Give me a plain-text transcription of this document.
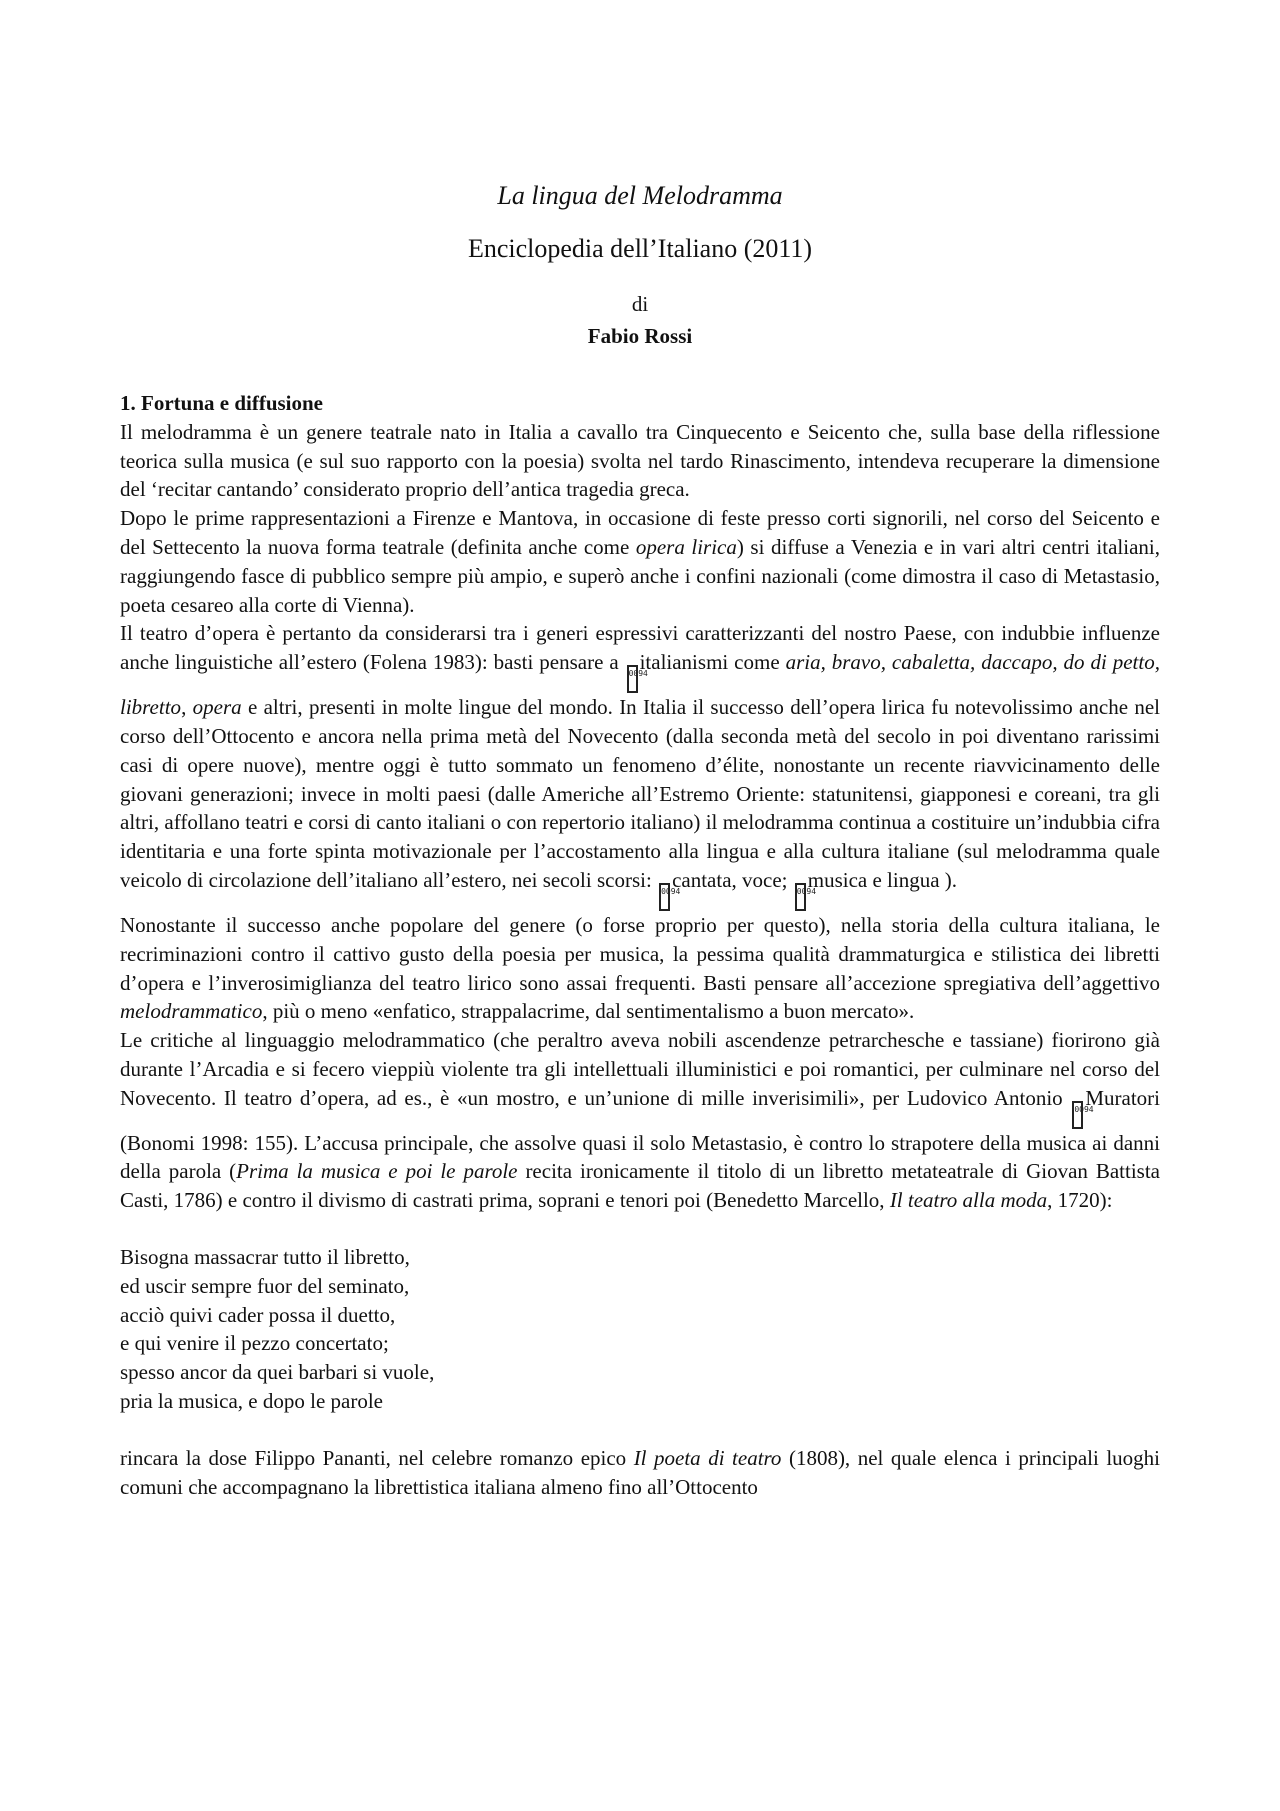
La lingua del Melodramma
Enciclopedia dell’Italiano (2011)
di
Fabio Rossi
1. Fortuna e diffusione

Il melodramma è un genere teatrale nato in Italia a cavallo tra Cinquecento e Seicento che, sulla base della riflessione teorica sulla musica (e sul suo rapporto con la poesia) svolta nel tardo Rinascimento, intendeva recuperare la dimensione del ‘recitar cantando’ considerato proprio dell’antica tragedia greca.

Dopo le prime rappresentazioni a Firenze e Mantova, in occasione di feste presso corti signorili, nel corso del Seicento e del Settecento la nuova forma teatrale (definita anche come opera lirica) si diffuse a Venezia e in vari altri centri italiani, raggiungendo fasce di pubblico sempre più ampio, e superò anche i confini nazionali (come dimostra il caso di Metastasio, poeta cesareo alla corte di Vienna).

Il teatro d’opera è pertanto da considerarsi tra i generi espressivi caratterizzanti del nostro Paese, con indubbie influenze anche linguistiche all’estero (Folena 1983): basti pensare a 0094italianismi come aria, bravo, cabaletta, daccapo, do di petto, libretto, opera e altri, presenti in molte lingue del mondo. In Italia il successo dell’opera lirica fu notevolissimo anche nel corso dell’Ottocento e ancora nella prima metà del Novecento (dalla seconda metà del secolo in poi diventano rarissimi casi di opere nuove), mentre oggi è tutto sommato un fenomeno d’élite, nonostante un recente riavvicinamento delle giovani generazioni; invece in molti paesi (dalle Americhe all’Estremo Oriente: statunitensi, giapponesi e coreani, tra gli altri, affollano teatri e corsi di canto italiani o con repertorio italiano) il melodramma continua a costituire un’indubbia cifra identitaria e una forte spinta motivazionale per l’accostamento alla lingua e alla cultura italiane (sul melodramma quale veicolo di circolazione dell’italiano all’estero, nei secoli scorsi: 0094cantata, voce; 0094musica e lingua ).

Nonostante il successo anche popolare del genere (o forse proprio per questo), nella storia della cultura italiana, le recriminazioni contro il cattivo gusto della poesia per musica, la pessima qualità drammaturgica e stilistica dei libretti d’opera e l’inverosimiglianza del teatro lirico sono assai frequenti. Basti pensare all’accezione spregiativa dell’aggettivo melodrammatico, più o meno «enfatico, strappalacrime, dal sentimentalismo a buon mercato».

Le critiche al linguaggio melodrammatico (che peraltro aveva nobili ascendenze petrarchesche e tassiane) fiorirono già durante l’Arcadia e si fecero vieppiù violente tra gli intellettuali illuministici e poi romantici, per culminare nel corso del Novecento. Il teatro d’opera, ad es., è «un mostro, e un’unione di mille inverisimili», per Ludovico Antonio 0094Muratori (Bonomi 1998: 155). L’accusa principale, che assolve quasi il solo Metastasio, è contro lo strapotere della musica ai danni della parola (Prima la musica e poi le parole recita ironicamente il titolo di un libretto metateatrale di Giovan Battista Casti, 1786) e contro il divismo di castrati prima, soprani e tenori poi (Benedetto Marcello, Il teatro alla moda, 1720):

Bisogna massacrar tutto il libretto,
ed uscir sempre fuor del seminato,
acciò quivi cader possa il duetto,
e qui venire il pezzo concertato;
spesso ancor da quei barbari si vuole,
pria la musica, e dopo le parole

rincara la dose Filippo Pananti, nel celebre romanzo epico Il poeta di teatro (1808), nel quale elenca i principali luoghi comuni che accompagnano la librettistica italiana almeno fino all’Ottocento
